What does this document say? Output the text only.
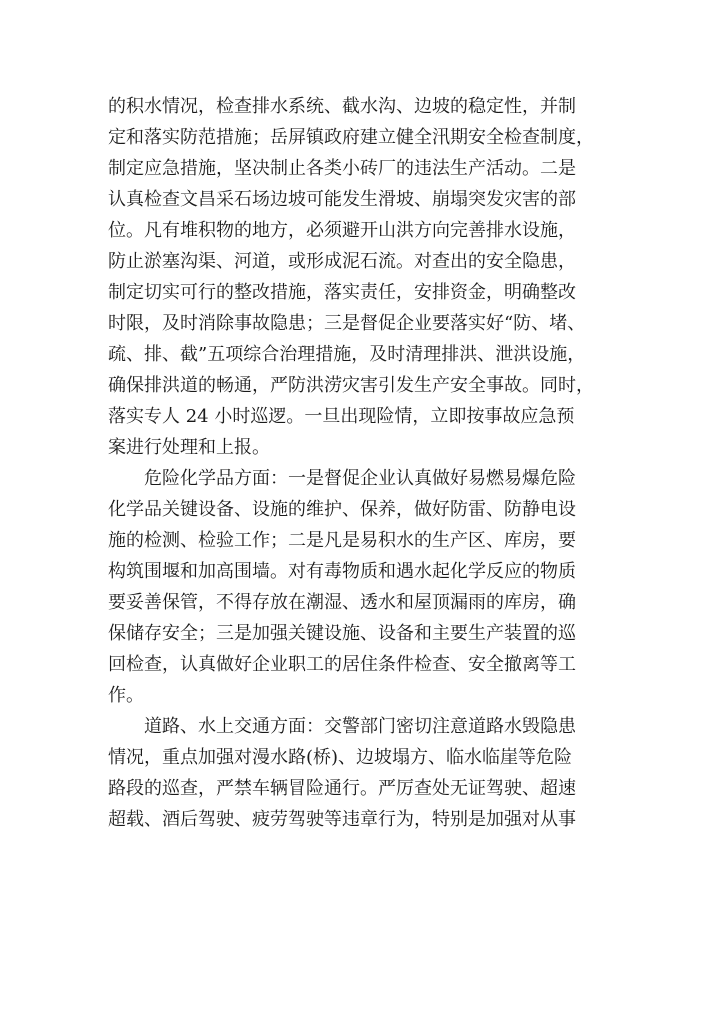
的积水情况，检查排水系统、截水沟、边坡的稳定性，并制
定和落实防范措施；岳屏镇政府建立健全汛期安全检查制度，
制定应急措施，坚决制止各类小砖厂的违法生产活动。二是
认真检查文昌采石场边坡可能发生滑坡、崩塌突发灾害的部
位。凡有堆积物的地方，必须避开山洪方向完善排水设施，
防止淤塞沟渠、河道，或形成泥石流。对查出的安全隐患，
制定切实可行的整改措施，落实责任，安排资金，明确整改
时限，及时消除事故隐患；三是督促企业要落实好“防、堵、
疏、排、截”五项综合治理措施，及时清理排洪、泄洪设施，
确保排洪道的畅通，严防洪涝灾害引发生产安全事故。同时，
落实专人 24 小时巡逻。一旦出现险情，立即按事故应急预
案进行处理和上报。
危险化学品方面：一是督促企业认真做好易燃易爆危险
化学品关键设备、设施的维护、保养，做好防雷、防静电设
施的检测、检验工作；二是凡是易积水的生产区、库房，要
构筑围堰和加高围墙。对有毒物质和遇水起化学反应的物质
要妥善保管，不得存放在潮湿、透水和屋顶漏雨的库房，确
保储存安全；三是加强关键设施、设备和主要生产装置的巡
回检查，认真做好企业职工的居住条件检查、安全撤离等工
作。
道路、水上交通方面：交警部门密切注意道路水毁隐患
情况，重点加强对漫水路(桥)、边坡塌方、临水临崖等危险
路段的巡查，严禁车辆冒险通行。严厉查处无证驾驶、超速
超载、酒后驾驶、疲劳驾驶等违章行为，特别是加强对从事
